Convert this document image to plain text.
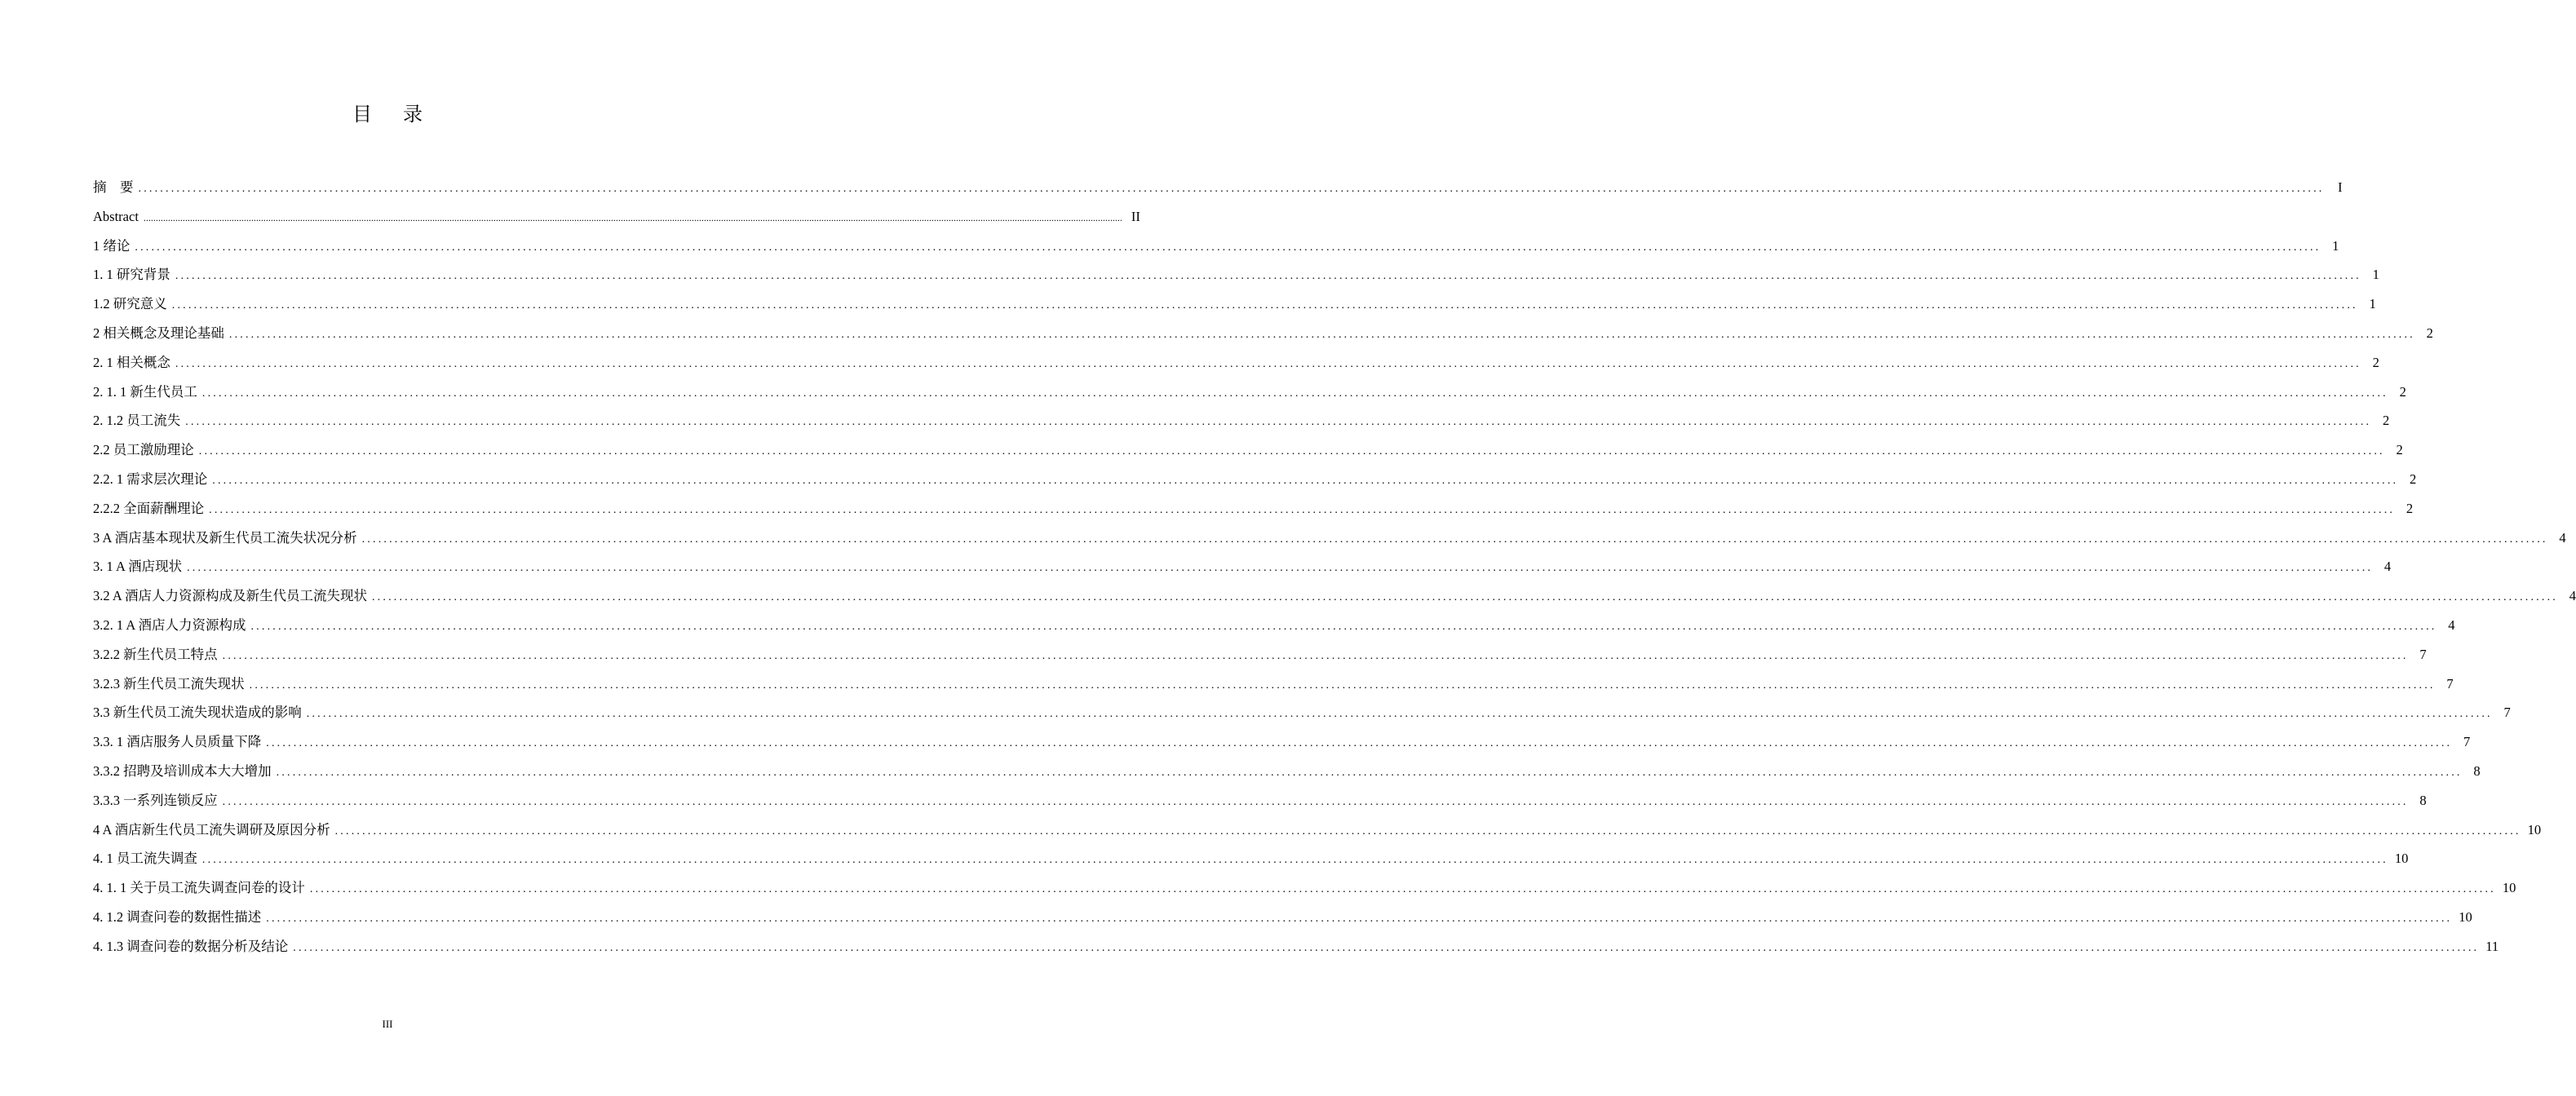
目 录
摘　要 ................................................................................................................................................................................................................................................................................................................................................................................................................	I
Abstract ................................................................................................................................................................................................................................................................................................................................................................................................................ II
1 绪论 ................................................................................................................................................................................................................................................................................................................................................................................................................ 1
1. 1 研究背景 ................................................................................................................................................................................................................................................................................................................................................................................................................ 1
1.2 研究意义 ................................................................................................................................................................................................................................................................................................................................................................................................................ 1
2 相关概念及理论基础 ................................................................................................................................................................................................................................................................................................................................................................................................................ 2
2. 1 相关概念 ................................................................................................................................................................................................................................................................................................................................................................................................................ 2
2. 1. 1 新生代员工 ................................................................................................................................................................................................................................................................................................................................................................................................................ 2
2. 1.2 员工流失 ................................................................................................................................................................................................................................................................................................................................................................................................................ 2
2.2 员工激励理论 ................................................................................................................................................................................................................................................................................................................................................................................................................ 2
2.2. 1 需求层次理论 ................................................................................................................................................................................................................................................................................................................................................................................................................ 2
2.2.2 全面薪酬理论 ................................................................................................................................................................................................................................................................................................................................................................................................................ 2
3 A 酒店基本现状及新生代员工流失状况分析 ................................................................................................................................................................................................................................................................................................................................................................................................................ 4
3. 1 A 酒店现状 ................................................................................................................................................................................................................................................................................................................................................................................................................ 4
3.2 A 酒店人力资源构成及新生代员工流失现状 ................................................................................................................................................................................................................................................................................................................................................................................................................ 4
3.2. 1 A 酒店人力资源构成 ................................................................................................................................................................................................................................................................................................................................................................................................................ 4
3.2.2 新生代员工特点 ................................................................................................................................................................................................................................................................................................................................................................................................................ 7
3.2.3 新生代员工流失现状 ................................................................................................................................................................................................................................................................................................................................................................................................................ 7
3.3 新生代员工流失现状造成的影响 ................................................................................................................................................................................................................................................................................................................................................................................................................ 7
3.3. 1 酒店服务人员质量下降 ................................................................................................................................................................................................................................................................................................................................................................................................................ 7
3.3.2 招聘及培训成本大大增加 ................................................................................................................................................................................................................................................................................................................................................................................................................ 8
3.3.3 一系列连锁反应 ................................................................................................................................................................................................................................................................................................................................................................................................................ 8
4 A 酒店新生代员工流失调研及原因分析 ................................................................................................................................................................................................................................................................................................................................................................................................................ 10
4. 1 员工流失调查 ................................................................................................................................................................................................................................................................................................................................................................................................................ 10
4. 1. 1 关于员工流失调查问卷的设计 ................................................................................................................................................................................................................................................................................................................................................................................................................ 10
4. 1.2 调查问卷的数据性描述 ................................................................................................................................................................................................................................................................................................................................................................................................................ 10
4. 1.3 调查问卷的数据分析及结论 ................................................................................................................................................................................................................................................................................................................................................................................................................ 11
III
